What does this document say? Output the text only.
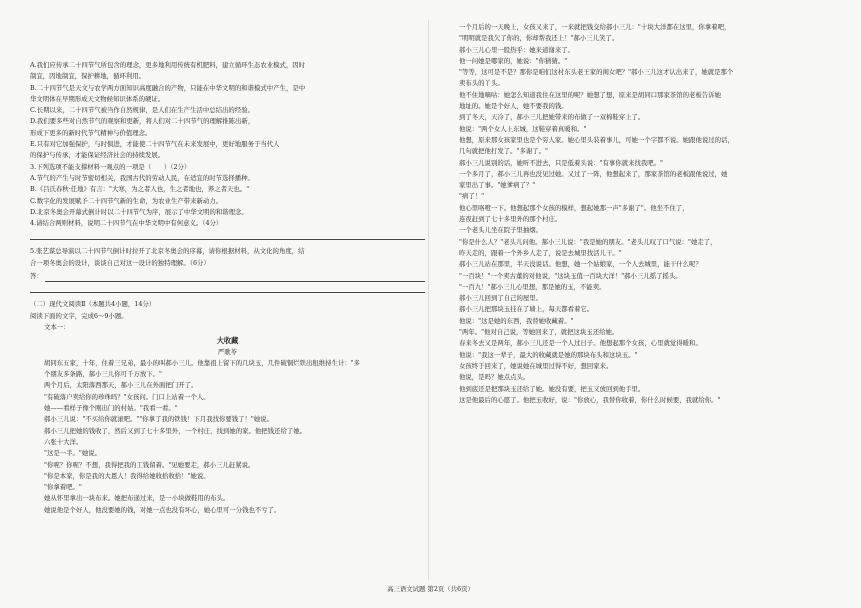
A.我们应传承二十四节气所包含的理念，更多地利用传统有机肥料，建立循环生态农业模式，因时
制宜，因地制宜，保护耕地，循环利用。
B.二十四节气是天文与农学两方面知识高度融合的产物，只能在中华文明的和谐模式中产生，是中
华文明体在早期形成天文物候知识体系的硬证。
C.长期以来，二十四节气被当作自然规律，是人们在生产生活中总结出的经验。
D.我们要多些对自然节气的观察和更新，将人们对二十四节气的理解推陈出新，
形成下更多的新时代节气精神与价值理念。
E.只有对它加强保护，与时俱进，才能使二十四节气在未来发展中，更好地服务于当代人
的保护与传承，才能保证经济社会的持续发展。
3.下列选项不能支撑材料一观点的一项是（　　）（2分）
A.节气的产生与时节密切相关，我国古代的劳动人民，在适宜的时节选择播种。
B.《吕氏春秋·任地》有言："大寒，为之者人也，生之者地也，养之者天也。"
C.数字化的发展赋予二十四节气新的生命，为农业生产带来新动力。
D.北京冬奥会开幕式倒计时以二十四节气为序，展示了中华文明的和谐理念。
4.请结合两则材料，说明二十四节气在中华文明中有何意义。（4分）
5.张艺谋总导演以二十四节气倒计时拉开了北京冬奥会的序幕，请你根据材料，从文化的角度，结
合一项冬奥会的设计，谈谈自己对这一设计的独特理解。（6分）
答：
（二）现代文阅读Ⅱ（本题共4小题，14分）
阅读下面的文字，完成6～9小题。
文本一：
大收藏
严歌苓
胡同东五家，十年，住着三兄弟，最小的叫郝小三儿。他靠祖上留下的几块玉，几件破铜烂铁出租维持生计："多
个朋友多条路，郝小三儿你可千万放下。"
两个月后，太阳落西那天，郝小三儿在外面把门开了。
"有破落户卖给你的珍珠吗？"女孩问。门口上站着一个人。
她——看样子像个刚出门的村姑。"我看一看。"
郝小三儿说："不买给你就滚吧。""你拿了我的铁钱！下月我找你要钱了！"她说。
郝小三儿把她的钱收了，然后又到了七十多里外，一个村庄，找到她的家。他把钱还给了她。
六张十大洋。
"这是一半。"她说。
"你呢？你呢？不想，我得把我的工钱留着。"见她要走，郝小三儿赶紧说。
"你是本家，你是我的大恩人！我得给她收拾收拾！"她说。
"你拿着吧。"
她从怀里拿出一块布来。她把布递过来，是一小块做鞋用的布头。
她说他是个好人，他没要她的钱，对她一点也没有坏心，她心里可一分钱也不亏了。
一个月后的一天晚上，女孩又来了，一来就把钱交给郝小三儿："十块大洋都在这里，你拿着吧，
"明明就是我欠了你的，你却帮我还上！"郝小三儿笑了。
郝小三儿心里一股热乎：她来道谢来了。
他一问她是哪家的，她说："你猜猜。"
"等等，这可是不是？那你是咱们这村东头老王家的闺女吧？"郝小三儿这才认出来了，她就是那个
卖布头的丫头。
他不住地嘀咕：她怎么知道我住在这里的呢？她想了想，原来是胡同口那家茶馆的老板告诉她
地址的。她是个好人，她不要我的钱。
到了冬天，天冷了，郝小三儿把她带来的布做了一双棉鞋穿上了。
他说："两个女人上东城，这鞋穿着真暖和。"
他想，原来那女孩家里也是个穷人家。她心里头装着事儿，可她一个字都不说。她跟他说过的话，
几句就把他打发了。"多谢了。"
郝小三儿说别的话，她听不进去，只是低着头说："有事你就来找我吧。"
一个多月了，郝小三儿再也没见过她。又过了一阵，他想起来了，那家茶馆的老板跟他说过，她
家里出了事。"她爹病了？"
"病了！"
他心里咯噔一下。他想起那个女孩的模样，想起她那一声"多谢了"。他坐不住了，
连夜赶到了七十多里外的那个村庄。
一个老头儿坐在院子里抽烟。
"你是什么人？"老头儿问他。郝小三儿说："我是她的朋友。"老头儿叹了口气说："她走了，
昨天走的，跟着一个外乡人走了，说是去城里找活儿干。"
郝小三儿站在那里，半天没说话。他想，她一个姑娘家，一个人去城里，能干什么呢？
"一百块！"一个卖古董的对他说，"这块玉值一百块大洋！"郝小三儿摇了摇头。
"一百九！"郝小三儿心里想，那是她的玉，不能卖。
郝小三儿回到了自己的屋里。
郝小三儿把那块玉挂在了墙上，每天都看着它。
他说："这是她的东西，我替她收藏着。"
"两年。"他对自己说，等她回来了，就把这块玉还给她。
春来冬去又是两年，郝小三儿还是一个人过日子。他想起那个女孩，心里就觉得暖和。
他说："我这一辈子，最大的收藏就是她的那块布头和这块玉。"
女孩终于回来了，她说她在城里过得不好，想回家来。
他说，是吗？她点点头。
他到底还是把那块玉还给了她。她没有要，把玉又放回到他手里。
这是他最后的心愿了。他把玉收好，说："你放心，我替你收着，你什么时候要，我就给你。"
高三语文试题 第2页（共6页）
